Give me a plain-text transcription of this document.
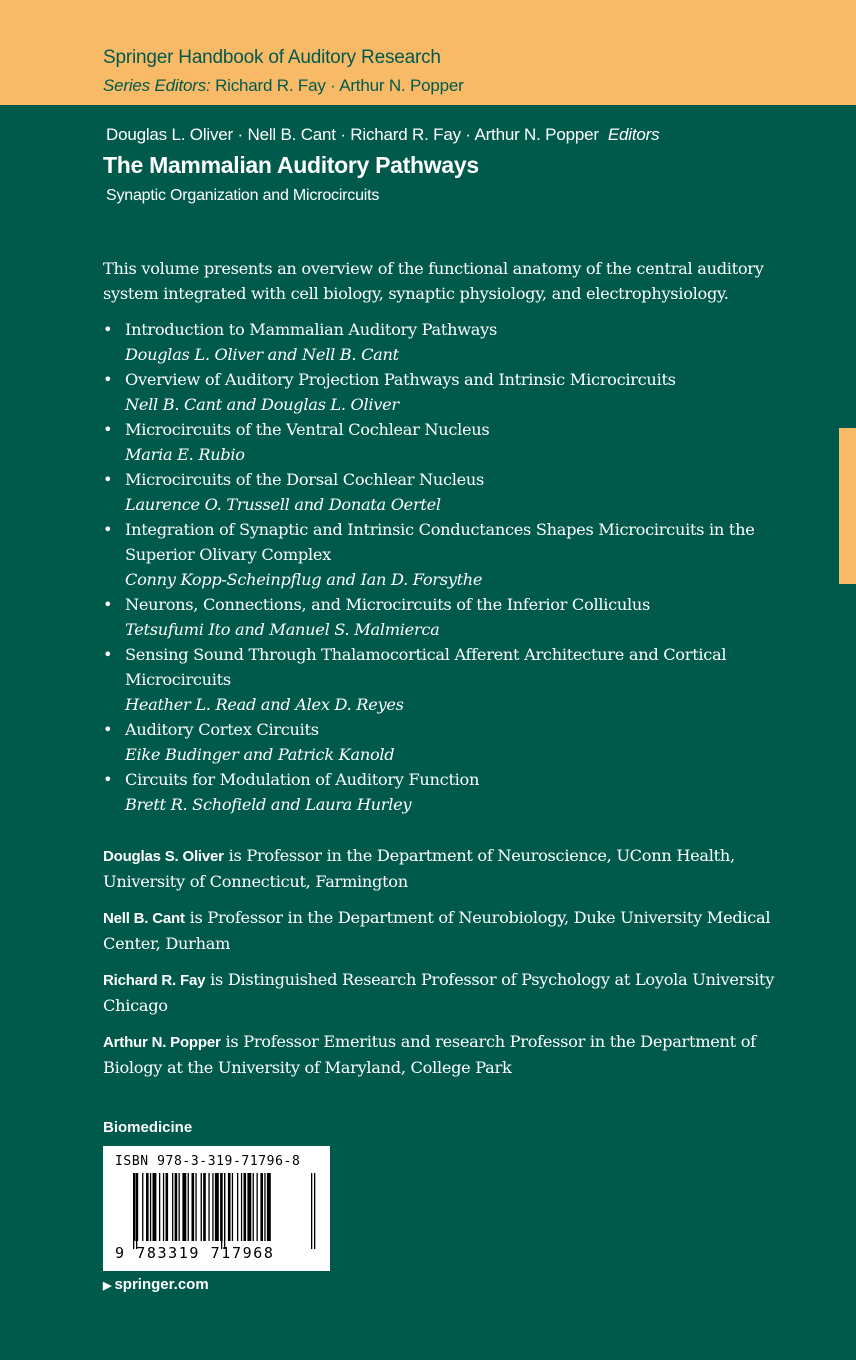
Springer Handbook of Auditory Research
Series Editors: Richard R. Fay · Arthur N. Popper
Douglas L. Oliver · Nell B. Cant · Richard R. Fay · Arthur N. Popper Editors
The Mammalian Auditory Pathways
Synaptic Organization and Microcircuits
This volume presents an overview of the functional anatomy of the central auditory system integrated with cell biology, synaptic physiology, and electrophysiology.
• Introduction to Mammalian Auditory Pathways
Douglas L. Oliver and Nell B. Cant
• Overview of Auditory Projection Pathways and Intrinsic Microcircuits
Nell B. Cant and Douglas L. Oliver
• Microcircuits of the Ventral Cochlear Nucleus
Maria E. Rubio
• Microcircuits of the Dorsal Cochlear Nucleus
Laurence O. Trussell and Donata Oertel
• Integration of Synaptic and Intrinsic Conductances Shapes Microcircuits in the Superior Olivary Complex
Conny Kopp-Scheinpflug and Ian D. Forsythe
• Neurons, Connections, and Microcircuits of the Inferior Colliculus
Tetsufumi Ito and Manuel S. Malmierca
• Sensing Sound Through Thalamocortical Afferent Architecture and Cortical Microcircuits
Heather L. Read and Alex D. Reyes
• Auditory Cortex Circuits
Eike Budinger and Patrick Kanold
• Circuits for Modulation of Auditory Function
Brett R. Schofield and Laura Hurley
Douglas S. Oliver is Professor in the Department of Neuroscience, UConn Health, University of Connecticut, Farmington
Nell B. Cant is Professor in the Department of Neurobiology, Duke University Medical Center, Durham
Richard R. Fay is Distinguished Research Professor of Psychology at Loyola University Chicago
Arthur N. Popper is Professor Emeritus and research Professor in the Department of Biology at the University of Maryland, College Park
Biomedicine
ISBN 978-3-319-71796-8
9 783319 717968
▶ springer.com
